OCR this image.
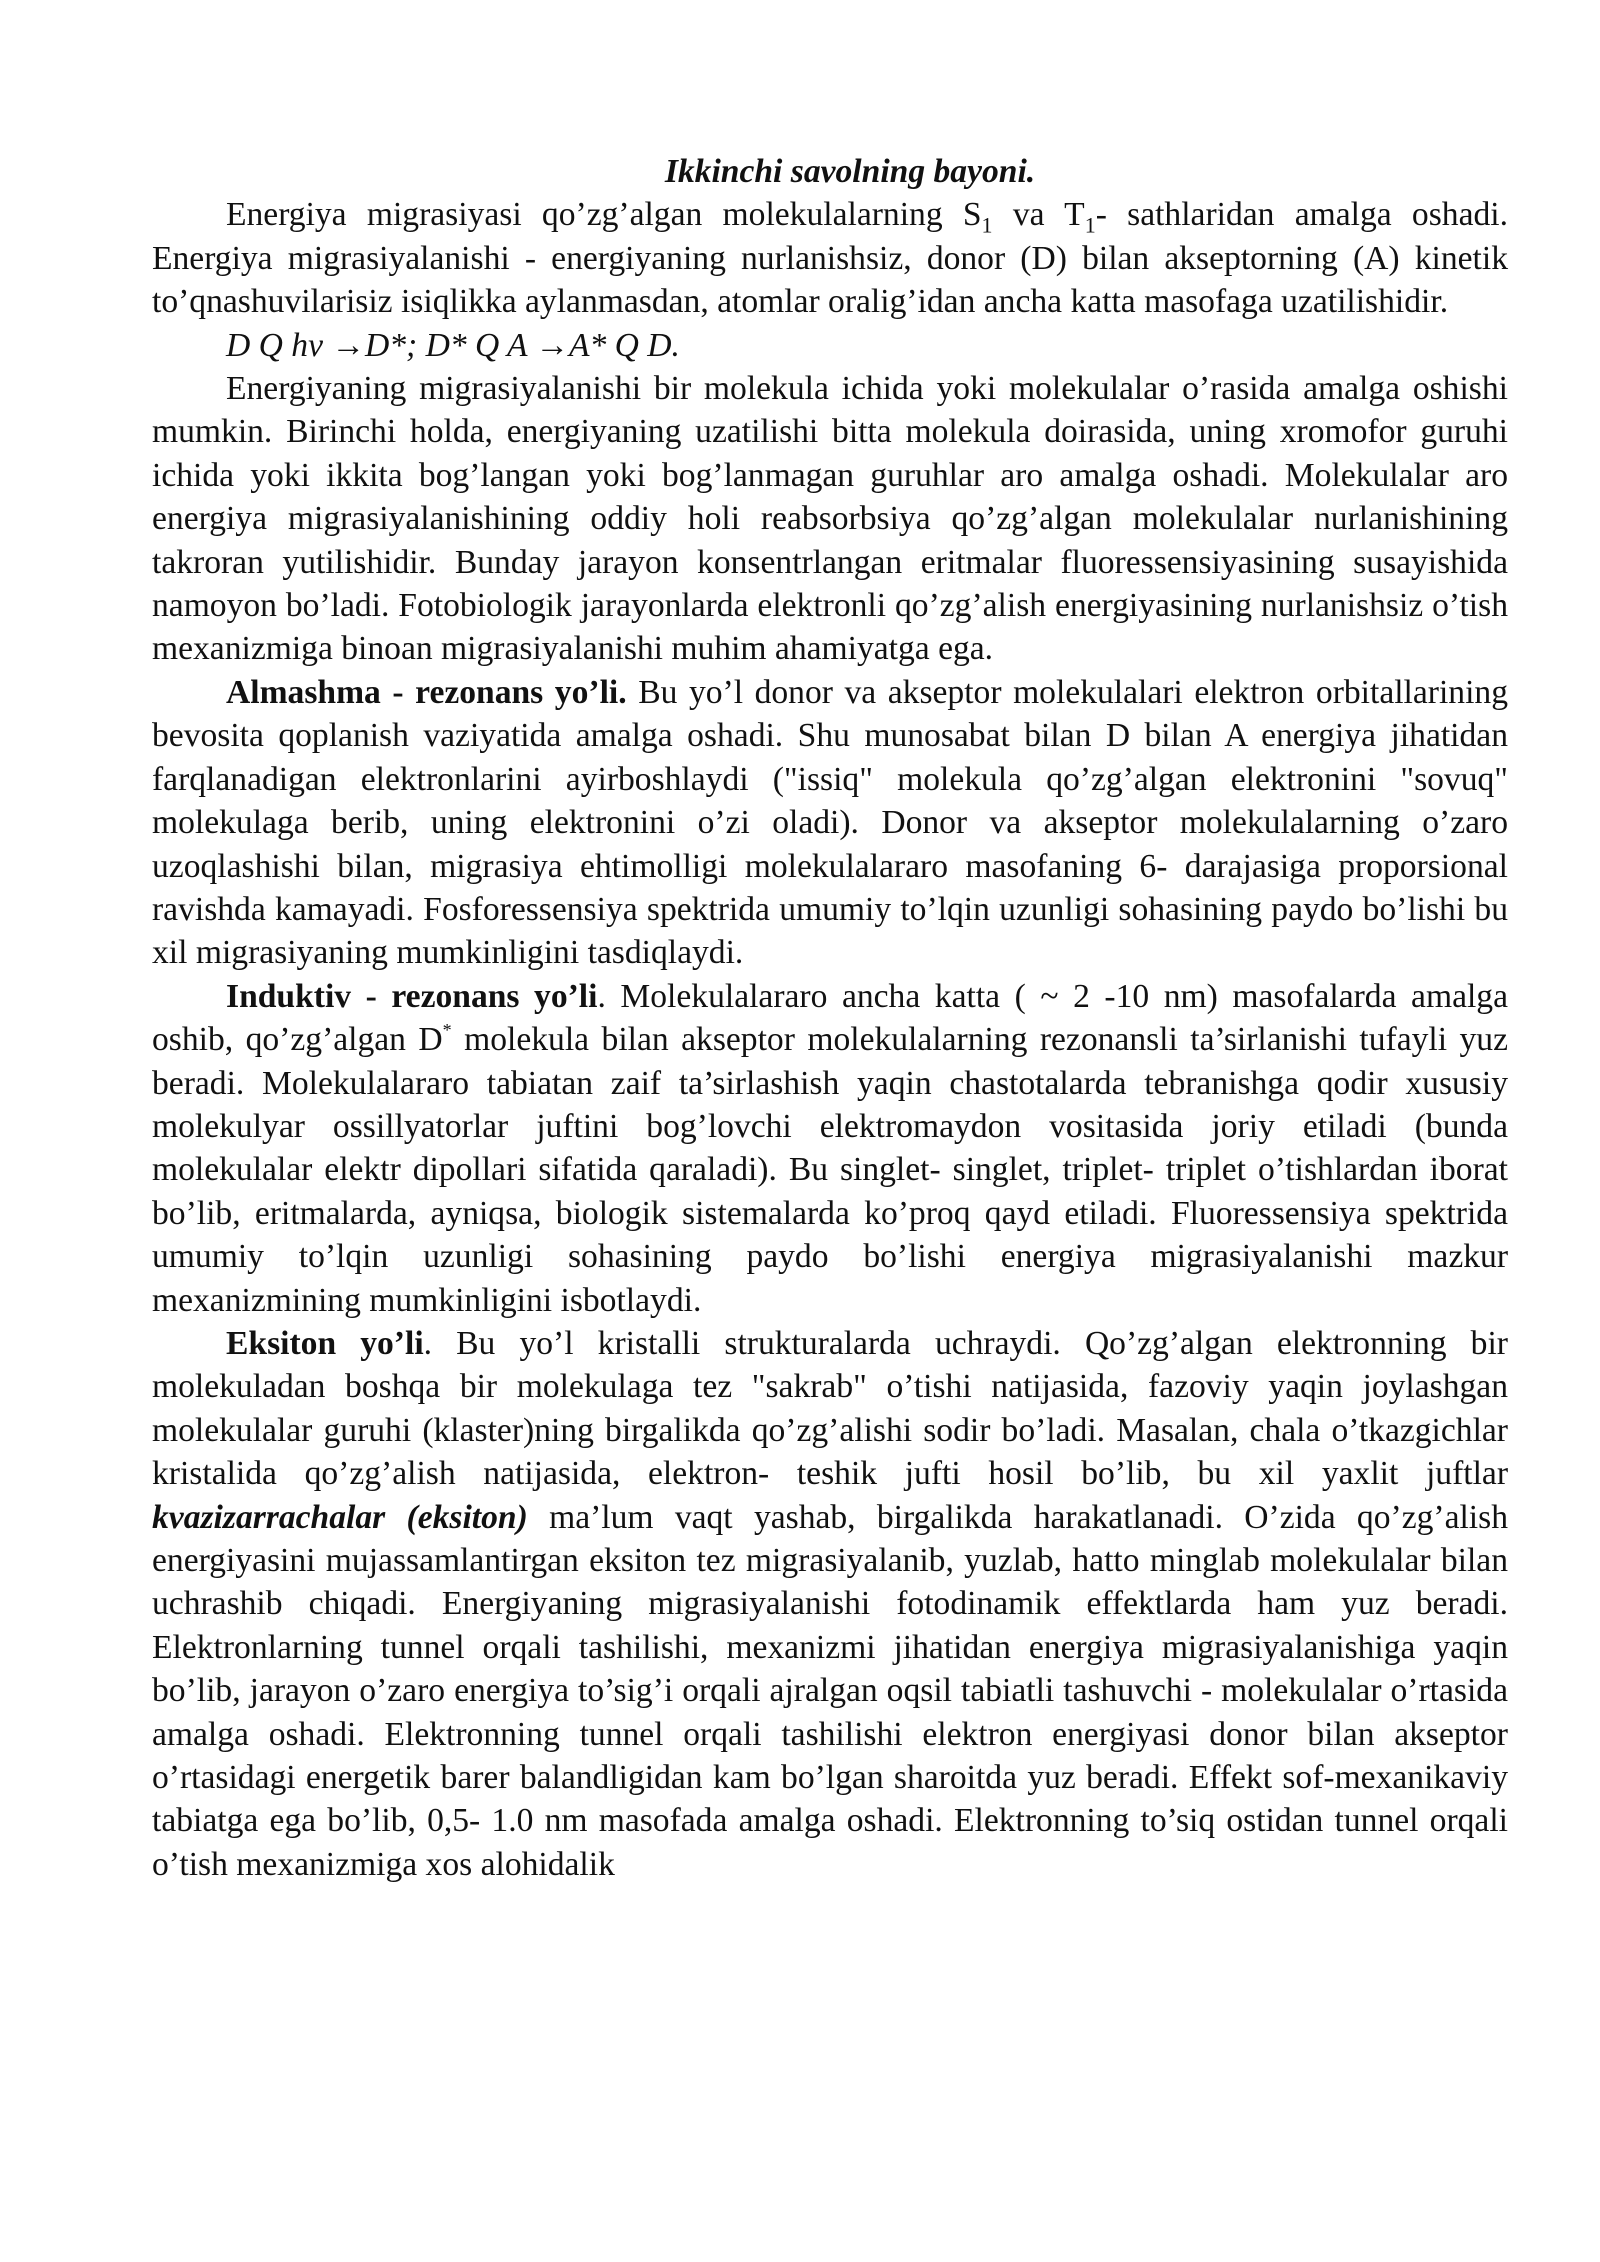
Ikkinchi savolning bayoni.

Energiya migrasiyasi qo’zg’algan molekulalarning $S_1$ va $T_1-$ sathlaridan amalga oshadi. Energiya migrasiyalanishi - energiyaning nurlanishsiz, donor (D) bilan akseptorning (A) kinetik to’qnashuvilarisiz isiqlikka aylanmasdan, atomlar oralig’idan ancha katta masofaga uzatilishidir.

D Q hν →D*; D* Q A →A* Q D.

Energiyaning migrasiyalanishi bir molekula ichida yoki molekulalar o’rasida amalga oshishi mumkin. Birinchi holda, energiyaning uzatilishi bitta molekula doirasida, uning xromofor guruhi ichida yoki ikkita bog’langan yoki bog’lanmagan guruhlar aro amalga oshadi. Molekulalar aro energiya migrasiyalanishining oddiy holi reabsorbsiya qo’zg’algan molekulalar nurlanishining takroran yutilishidir. Bunday jarayon konsentrlangan eritmalar fluoressensiyasining susayishida namoyon bo’ladi. Fotobiologik jarayonlarda elektronli qo’zg’alish energiyasining nurlanishsiz o’tish mexanizmiga binoan migrasiyalanishi muhim ahamiyatga ega.

Almashma - rezonans yo’li. Bu yo’l donor va akseptor molekulalari elektron orbitallarining bevosita qoplanish vaziyatida amalga oshadi. Shu munosabat bilan D bilan A energiya jihatidan farqlanadigan elektronlarini ayirboshlaydi ("issiq" molekula qo’zg’algan elektronini "sovuq" molekulaga berib, uning elektronini o’zi oladi). Donor va akseptor molekulalarning o’zaro uzoqlashishi bilan, migrasiya ehtimolligi molekulalararo masofaning 6- darajasiga proporsional ravishda kamayadi. Fosforessensiya spektrida umumiy to’lqin uzunligi sohasining paydo bo’lishi bu xil migrasiyaning mumkinligini tasdiqlaydi.

Induktiv - rezonans yo’li. Molekulalararo ancha katta ( ~ 2 -10 nm) masofalarda amalga oshib, qo’zg’algan D* molekula bilan akseptor molekulalarning rezonansli ta’sirlanishi tufayli yuz beradi. Molekulalararo tabiatan zaif ta’sirlashish yaqin chastotalarda tebranishga qodir xususiy molekulyar ossillyatorlar juftini bog’lovchi elektromaydon vositasida joriy etiladi (bunda molekulalar elektr dipollari sifatida qaraladi). Bu singlet- singlet, triplet- triplet o’tishlardan iborat bo’lib, eritmalarda, ayniqsa, biologik sistemalarda ko’proq qayd etiladi. Fluoressensiya spektrida umumiy to’lqin uzunligi sohasining paydo bo’lishi energiya migrasiyalanishi mazkur mexanizmining mumkinligini isbotlaydi.

Eksiton yo’li. Bu yo’l kristalli strukturalarda uchraydi. Qo’zg’algan elektronning bir molekuladan boshqa bir molekulaga tez "sakrab" o’tishi natijasida, fazoviy yaqin joylashgan molekulalar guruhi (klaster)ning birgalikda qo’zg’alishi sodir bo’ladi. Masalan, chala o’tkazgichlar kristalida qo’zg’alish natijasida, elektron- teshik jufti hosil bo’lib, bu xil yaxlit juftlar kvazizarrachalar (eksiton) ma’lum vaqt yashab, birgalikda harakatlanadi. O’zida qo’zg’alish energiyasini mujassamlantirgan eksiton tez migrasiyalanib, yuzlab, hatto minglab molekulalar bilan uchrashib chiqadi. Energiyaning migrasiyalanishi fotodinamik effektlarda ham yuz beradi. Elektronlarning tunnel orqali tashilishi, mexanizmi jihatidan energiya migrasiyalanishiga yaqin bo’lib, jarayon o’zaro energiya to’sig’i orqali ajralgan oqsil tabiatli tashuvchi - molekulalar o’rtasida amalga oshadi. Elektronning tunnel orqali tashilishi elektron energiyasi donor bilan akseptor o’rtasidagi energetik barer balandligidan kam bo’lgan sharoitda yuz beradi. Effekt sof-mexanikaviy tabiatga ega bo’lib, 0,5- 1.0 nm masofada amalga oshadi. Elektronning to’siq ostidan tunnel orqali o’tish mexanizmiga xos alohidalik
